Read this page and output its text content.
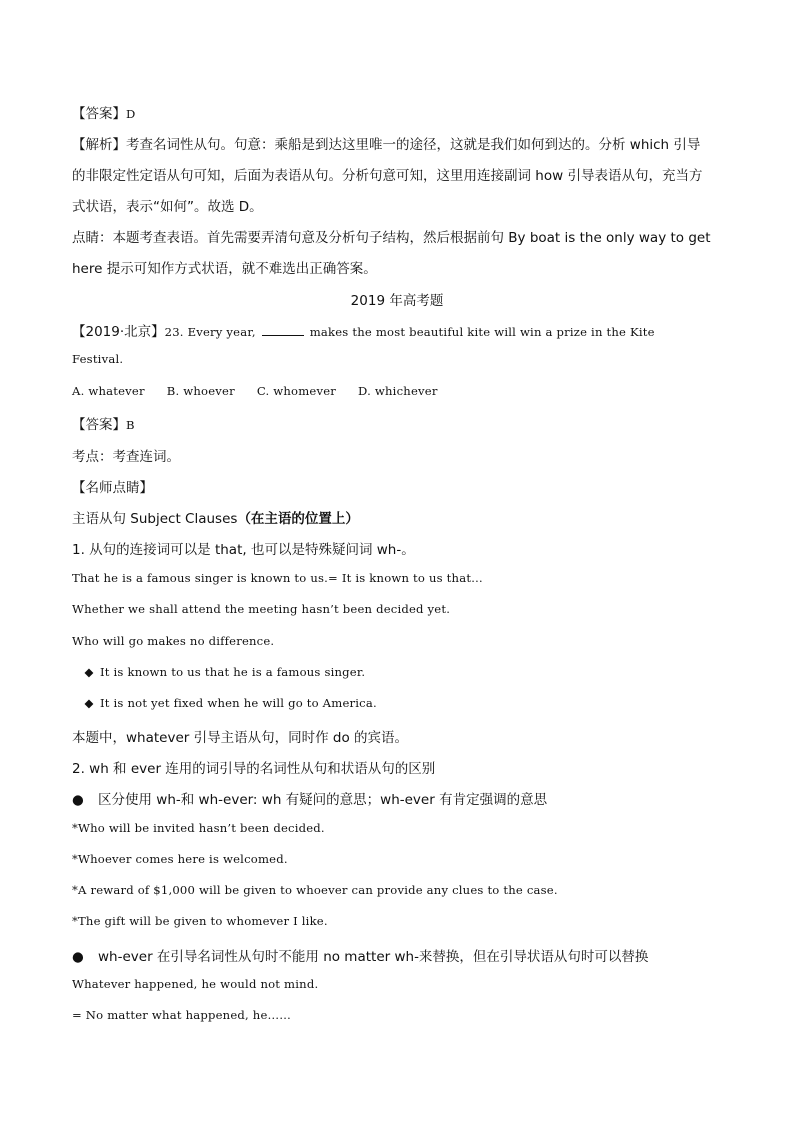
【答案】D
【解析】考查名词性从句。句意：乘船是到达这里唯一的途径，这就是我们如何到达的。分析 which 引导
的非限定性定语从句可知，后面为表语从句。分析句意可知，这里用连接副词 how 引导表语从句，充当方
式状语，表示“如何”。故选 D。
点睛：本题考查表语。首先需要弄清句意及分析句子结构，然后根据前句 By boat is the only way to get
here 提示可知作方式状语，就不难选出正确答案。
2019 年高考题
【2019·北京】23. Every year,	makes the most beautiful kite will win a prize in the Kite
Festival.
A. whatever B. whoever C. whomever D. whichever
【答案】B
考点：考查连词。
【名师点睛】
主语从句 Subject Clauses（在主语的位置上）
1. 从句的连接词可以是 that, 也可以是特殊疑问词 wh-。
That he is a famous singer is known to us.= It is known to us that…
Whether we shall attend the meeting hasn’t been decided yet.
Who will go makes no difference.
◆ It is known to us that he is a famous singer.
◆ It is not yet fixed when he will go to America.
本题中，whatever 引导主语从句，同时作 do 的宾语。
2. wh 和 ever 连用的词引导的名词性从句和状语从句的区别
● 区分使用 wh-和 wh-ever: wh 有疑问的意思；wh-ever 有肯定强调的意思
*Who will be invited hasn’t been decided.
*Whoever comes here is welcomed.
*A reward of $1,000 will be given to whoever can provide any clues to the case.
*The gift will be given to whomever I like.
● wh-ever 在引导名词性从句时不能用 no matter wh-来替换，但在引导状语从句时可以替换
Whatever happened, he would not mind.
= No matter what happened, he……
